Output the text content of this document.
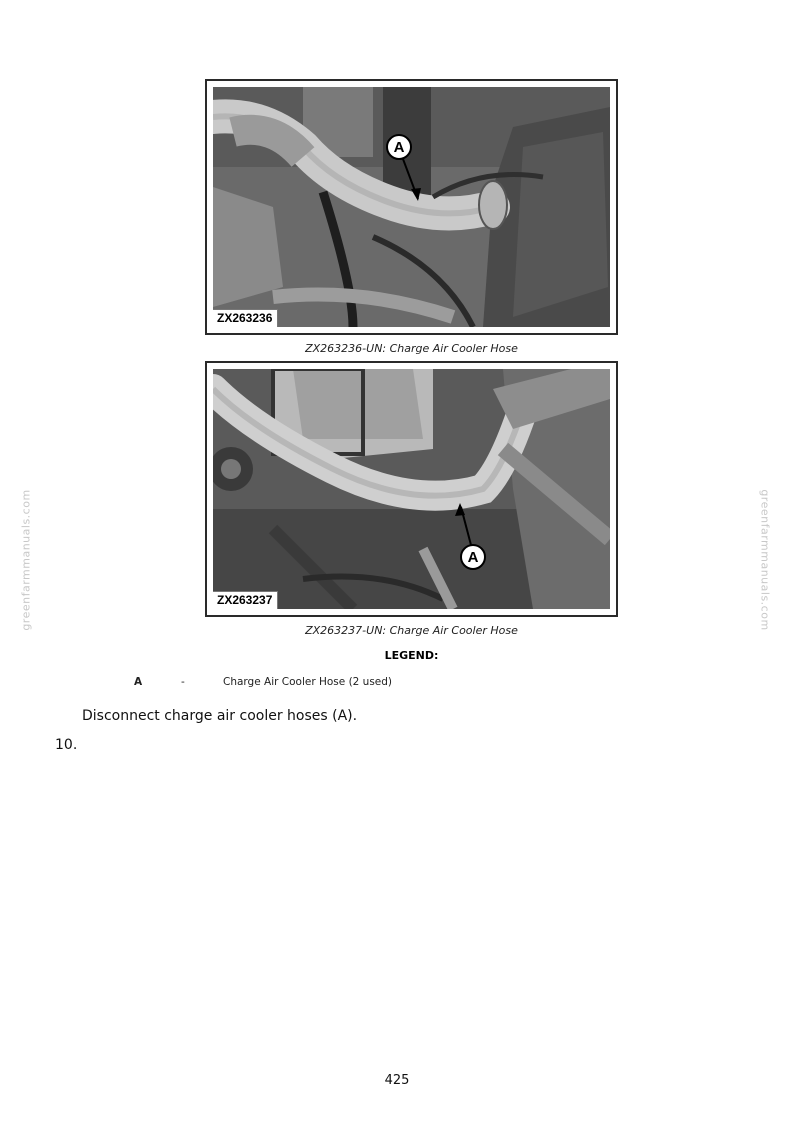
greenfarmmanuals.com	greenfarmmanuals.com
A
ZX263236
ZX263236-UN: Charge Air Cooler Hose
A
ZX263237
ZX263237-UN: Charge Air Cooler Hose
LEGEND:
A	-	Charge Air Cooler Hose (2 used)
Disconnect charge air cooler hoses (A).
10.
425
